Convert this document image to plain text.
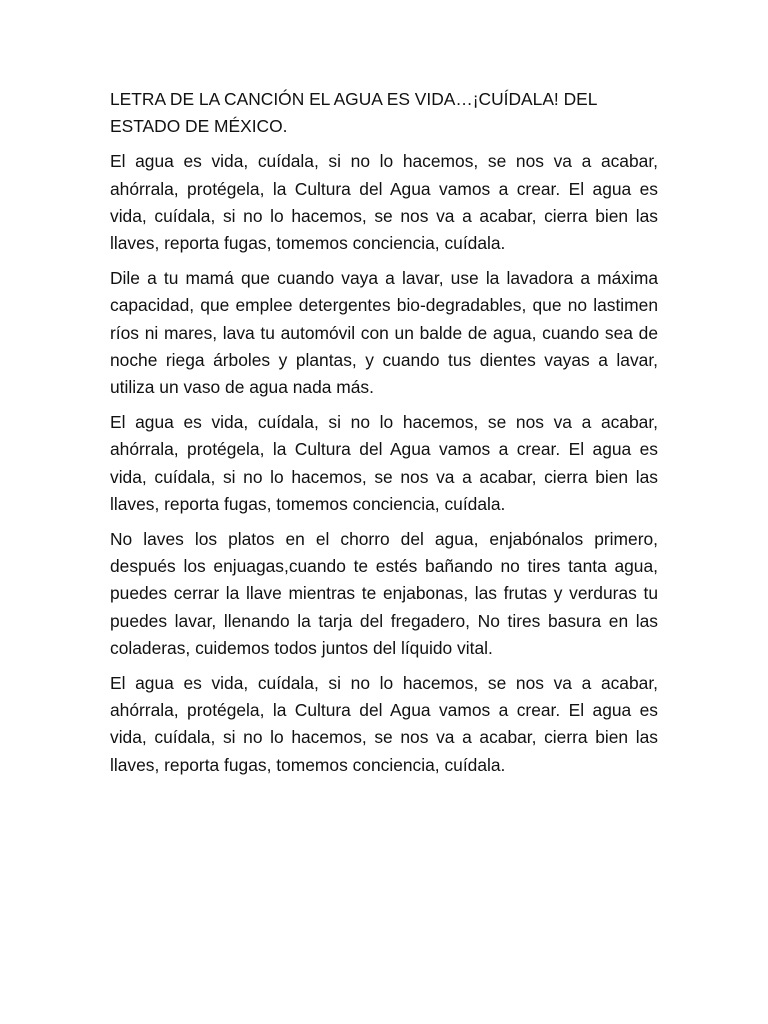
LETRA DE LA CANCIÓN EL AGUA ES VIDA…¡CUÍDALA! DEL ESTADO DE MÉXICO.

El agua es vida, cuídala, si no lo hacemos, se nos va a acabar, ahórrala, protégela, la Cultura del Agua vamos a crear. El agua es vida, cuídala, si no lo hacemos, se nos va a acabar, cierra bien las llaves, reporta fugas, tomemos conciencia, cuídala.

Dile a tu mamá que cuando vaya a lavar, use la lavadora a máxima capacidad, que emplee detergentes bio-degradables, que no lastimen ríos ni mares, lava tu automóvil con un balde de agua, cuando sea de noche riega árboles y plantas, y cuando tus dientes vayas a lavar, utiliza un vaso de agua nada más.

El agua es vida, cuídala, si no lo hacemos, se nos va a acabar, ahórrala, protégela, la Cultura del Agua vamos a crear. El agua es vida, cuídala, si no lo hacemos, se nos va a acabar, cierra bien las llaves, reporta fugas, tomemos conciencia, cuídala.

No laves los platos en el chorro del agua, enjabónalos primero, después los enjuagas,cuando te estés bañando no tires tanta agua, puedes cerrar la llave mientras te enjabonas, las frutas y verduras tu puedes lavar, llenando la tarja del fregadero, No tires basura en las coladeras, cuidemos todos juntos del líquido vital.

El agua es vida, cuídala, si no lo hacemos, se nos va a acabar, ahórrala, protégela, la Cultura del Agua vamos a crear. El agua es vida, cuídala, si no lo hacemos, se nos va a acabar, cierra bien las llaves, reporta fugas, tomemos conciencia, cuídala.
